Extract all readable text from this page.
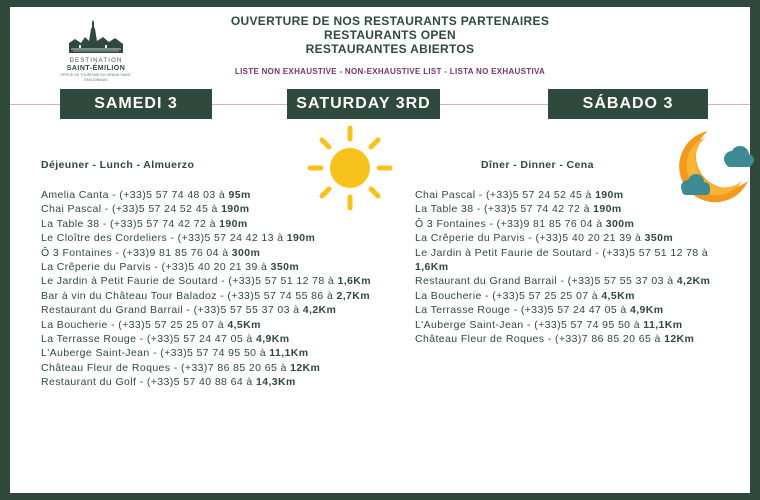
DESTINATION
SAINT-ÉMILION
OFFICE DE TOURISME DU GRAND SAINT-ÉMILIONNAIS
OUVERTURE DE NOS RESTAURANTS PARTENAIRES
RESTAURANTS OPEN
RESTAURANTES ABIERTOS
LISTE NON EXHAUSTIVE - NON-EXHAUSTIVE LIST - LISTA NO EXHAUSTIVA
SAMEDI 3	SATURDAY 3RD	SÁBADO 3
Déjeuner - Lunch - Almuerzo
Amelia Canta - (+33)5 57 74 48 03 à 95m
Chai Pascal - (+33)5 57 24 52 45 à 190m
La Table 38 - (+33)5 57 74 42 72 à 190m
Le Cloître des Cordeliers - (+33)5 57 24 42 13 à 190m
Ô 3 Fontaines - (+33)9 81 85 76 04 à 300m
La Crêperie du Parvis - (+33)5 40 20 21 39 à 350m
Le Jardin à Petit Faurie de Soutard - (+33)5 57 51 12 78 à 1,6Km
Bar à vin du Château Tour Baladoz - (+33)5 57 74 55 86 à 2,7Km
Restaurant du Grand Barrail - (+33)5 57 55 37 03 à 4,2Km
La Boucherie - (+33)5 57 25 25 07 à 4,5Km
La Terrasse Rouge - (+33)5 57 24 47 05 à 4,9Km
L'Auberge Saint-Jean - (+33)5 57 74 95 50 à 11,1Km
Château Fleur de Roques - (+33)7 86 85 20 65 à 12Km
Restaurant du Golf - (+33)5 57 40 88 64 à 14,3Km
Dîner - Dinner - Cena
Chai Pascal - (+33)5 57 24 52 45 à 190m
La Table 38 - (+33)5 57 74 42 72 à 190m
Ô 3 Fontaines - (+33)9 81 85 76 04 à 300m
La Crêperie du Parvis - (+33)5 40 20 21 39 à 350m
Le Jardin à Petit Faurie de Soutard - (+33)5 57 51 12 78 à 1,6Km
Restaurant du Grand Barrail - (+33)5 57 55 37 03 à 4,2Km
La Boucherie - (+33)5 57 25 25 07 à 4,5Km
La Terrasse Rouge - (+33)5 57 24 47 05 à 4,9Km
L'Auberge Saint-Jean - (+33)5 57 74 95 50 à 11,1Km
Château Fleur de Roques - (+33)7 86 85 20 65 à 12Km
